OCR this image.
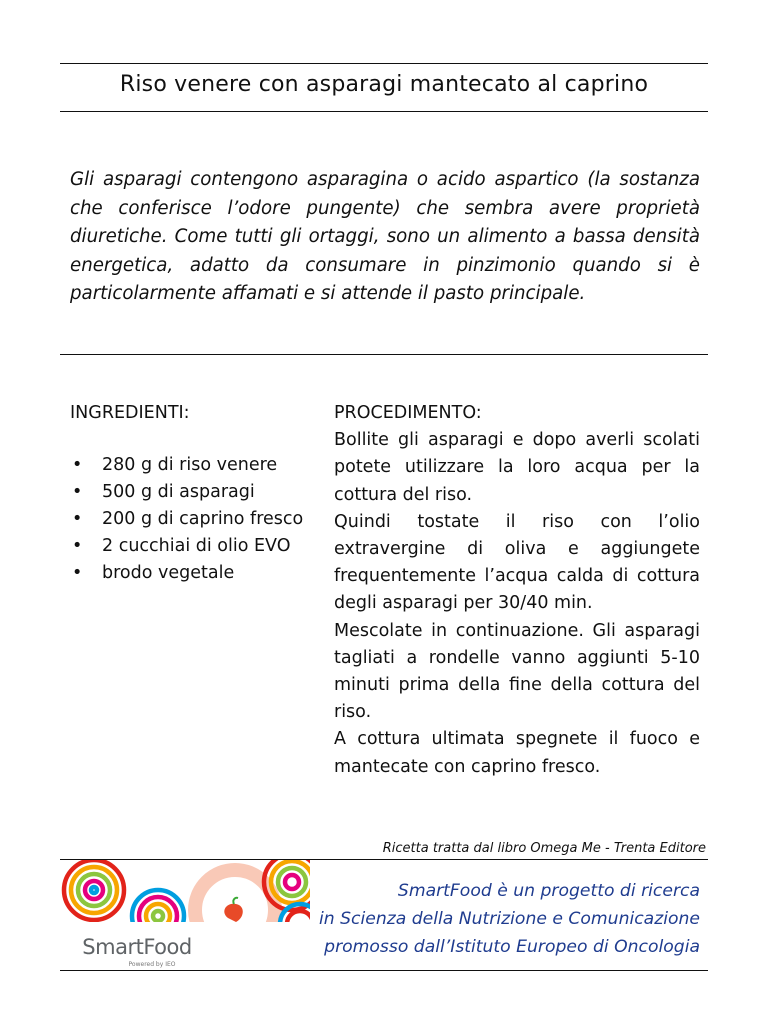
Riso venere con asparagi mantecato al caprino

Gli asparagi contengono asparagina o acido aspartico (la sostanza che conferisce l’odore pungente) che sembra avere proprietà diuretiche. Come tutti gli ortaggi, sono un alimento a bassa densità energetica, adatto da consumare in pinzimonio quando si è particolarmente affamati e si attende il pasto principale.

INGREDIENTI:

• 280 g di riso venere
• 500 g di asparagi
• 200 g di caprino fresco
• 2 cucchiai di olio EVO
• brodo vegetale

PROCEDIMENTO:

Bollite gli asparagi e dopo averli scolati potete utilizzare la loro acqua per la cottura del riso.

Quindi tostate il riso con l’olio extravergine di oliva e aggiungete frequentemente l’acqua calda di cottura degli asparagi per 30/40 min.

Mescolate in continuazione. Gli asparagi tagliati a rondelle vanno aggiunti 5-10 minuti prima della fine della cottura del riso.

A cottura ultimata spegnete il fuoco e mantecate con caprino fresco.

Ricetta tratta dal libro Omega Me - Trenta Editore

SmartFood
Powered by IEO

SmartFood è un progetto di ricerca
in Scienza della Nutrizione e Comunicazione
promosso dall’Istituto Europeo di Oncologia
